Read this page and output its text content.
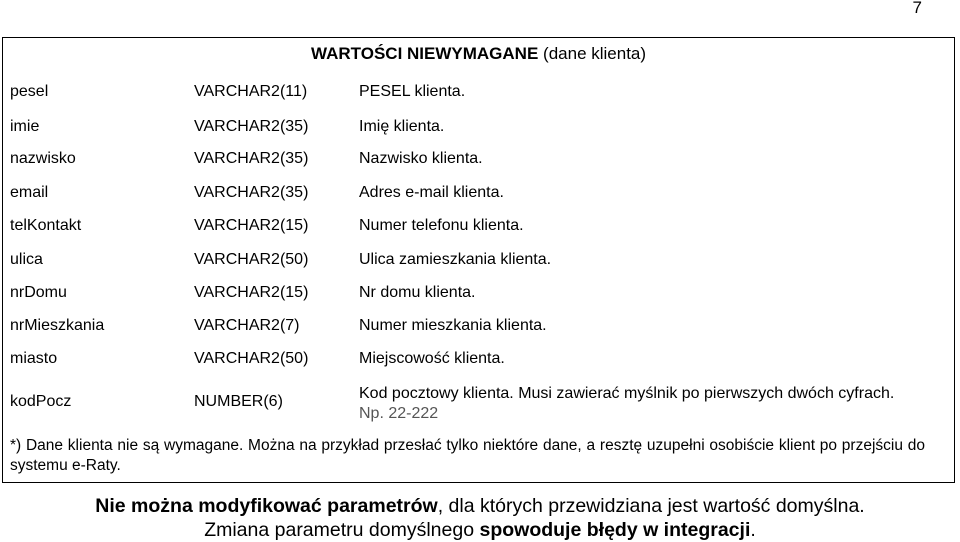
7
WARTOŚCI NIEWYMAGANE (dane klienta)
pesel	VARCHAR2(11)	PESEL klienta.
imie	VARCHAR2(35)	Imię klienta.
nazwisko	VARCHAR2(35)	Nazwisko klienta.
email	VARCHAR2(35)	Adres e-mail klienta.
telKontakt	VARCHAR2(15)	Numer telefonu klienta.
ulica	VARCHAR2(50)	Ulica zamieszkania klienta.
nrDomu	VARCHAR2(15)	Nr domu klienta.
nrMieszkania	VARCHAR2(7)	Numer mieszkania klienta.
miasto	VARCHAR2(50)	Miejscowość klienta.
kodPocz	NUMBER(6)	Kod pocztowy klienta. Musi zawierać myślnik po pierwszych dwóch cyfrach.
Np. 22-222
*) Dane klienta nie są wymagane. Można na przykład przesłać tylko niektóre dane, a resztę uzupełni osobiście klient po przejściu do systemu e-Raty.
Nie można modyfikować parametrów, dla których przewidziana jest wartość domyślna.
Zmiana parametru domyślnego spowoduje błędy w integracji.
